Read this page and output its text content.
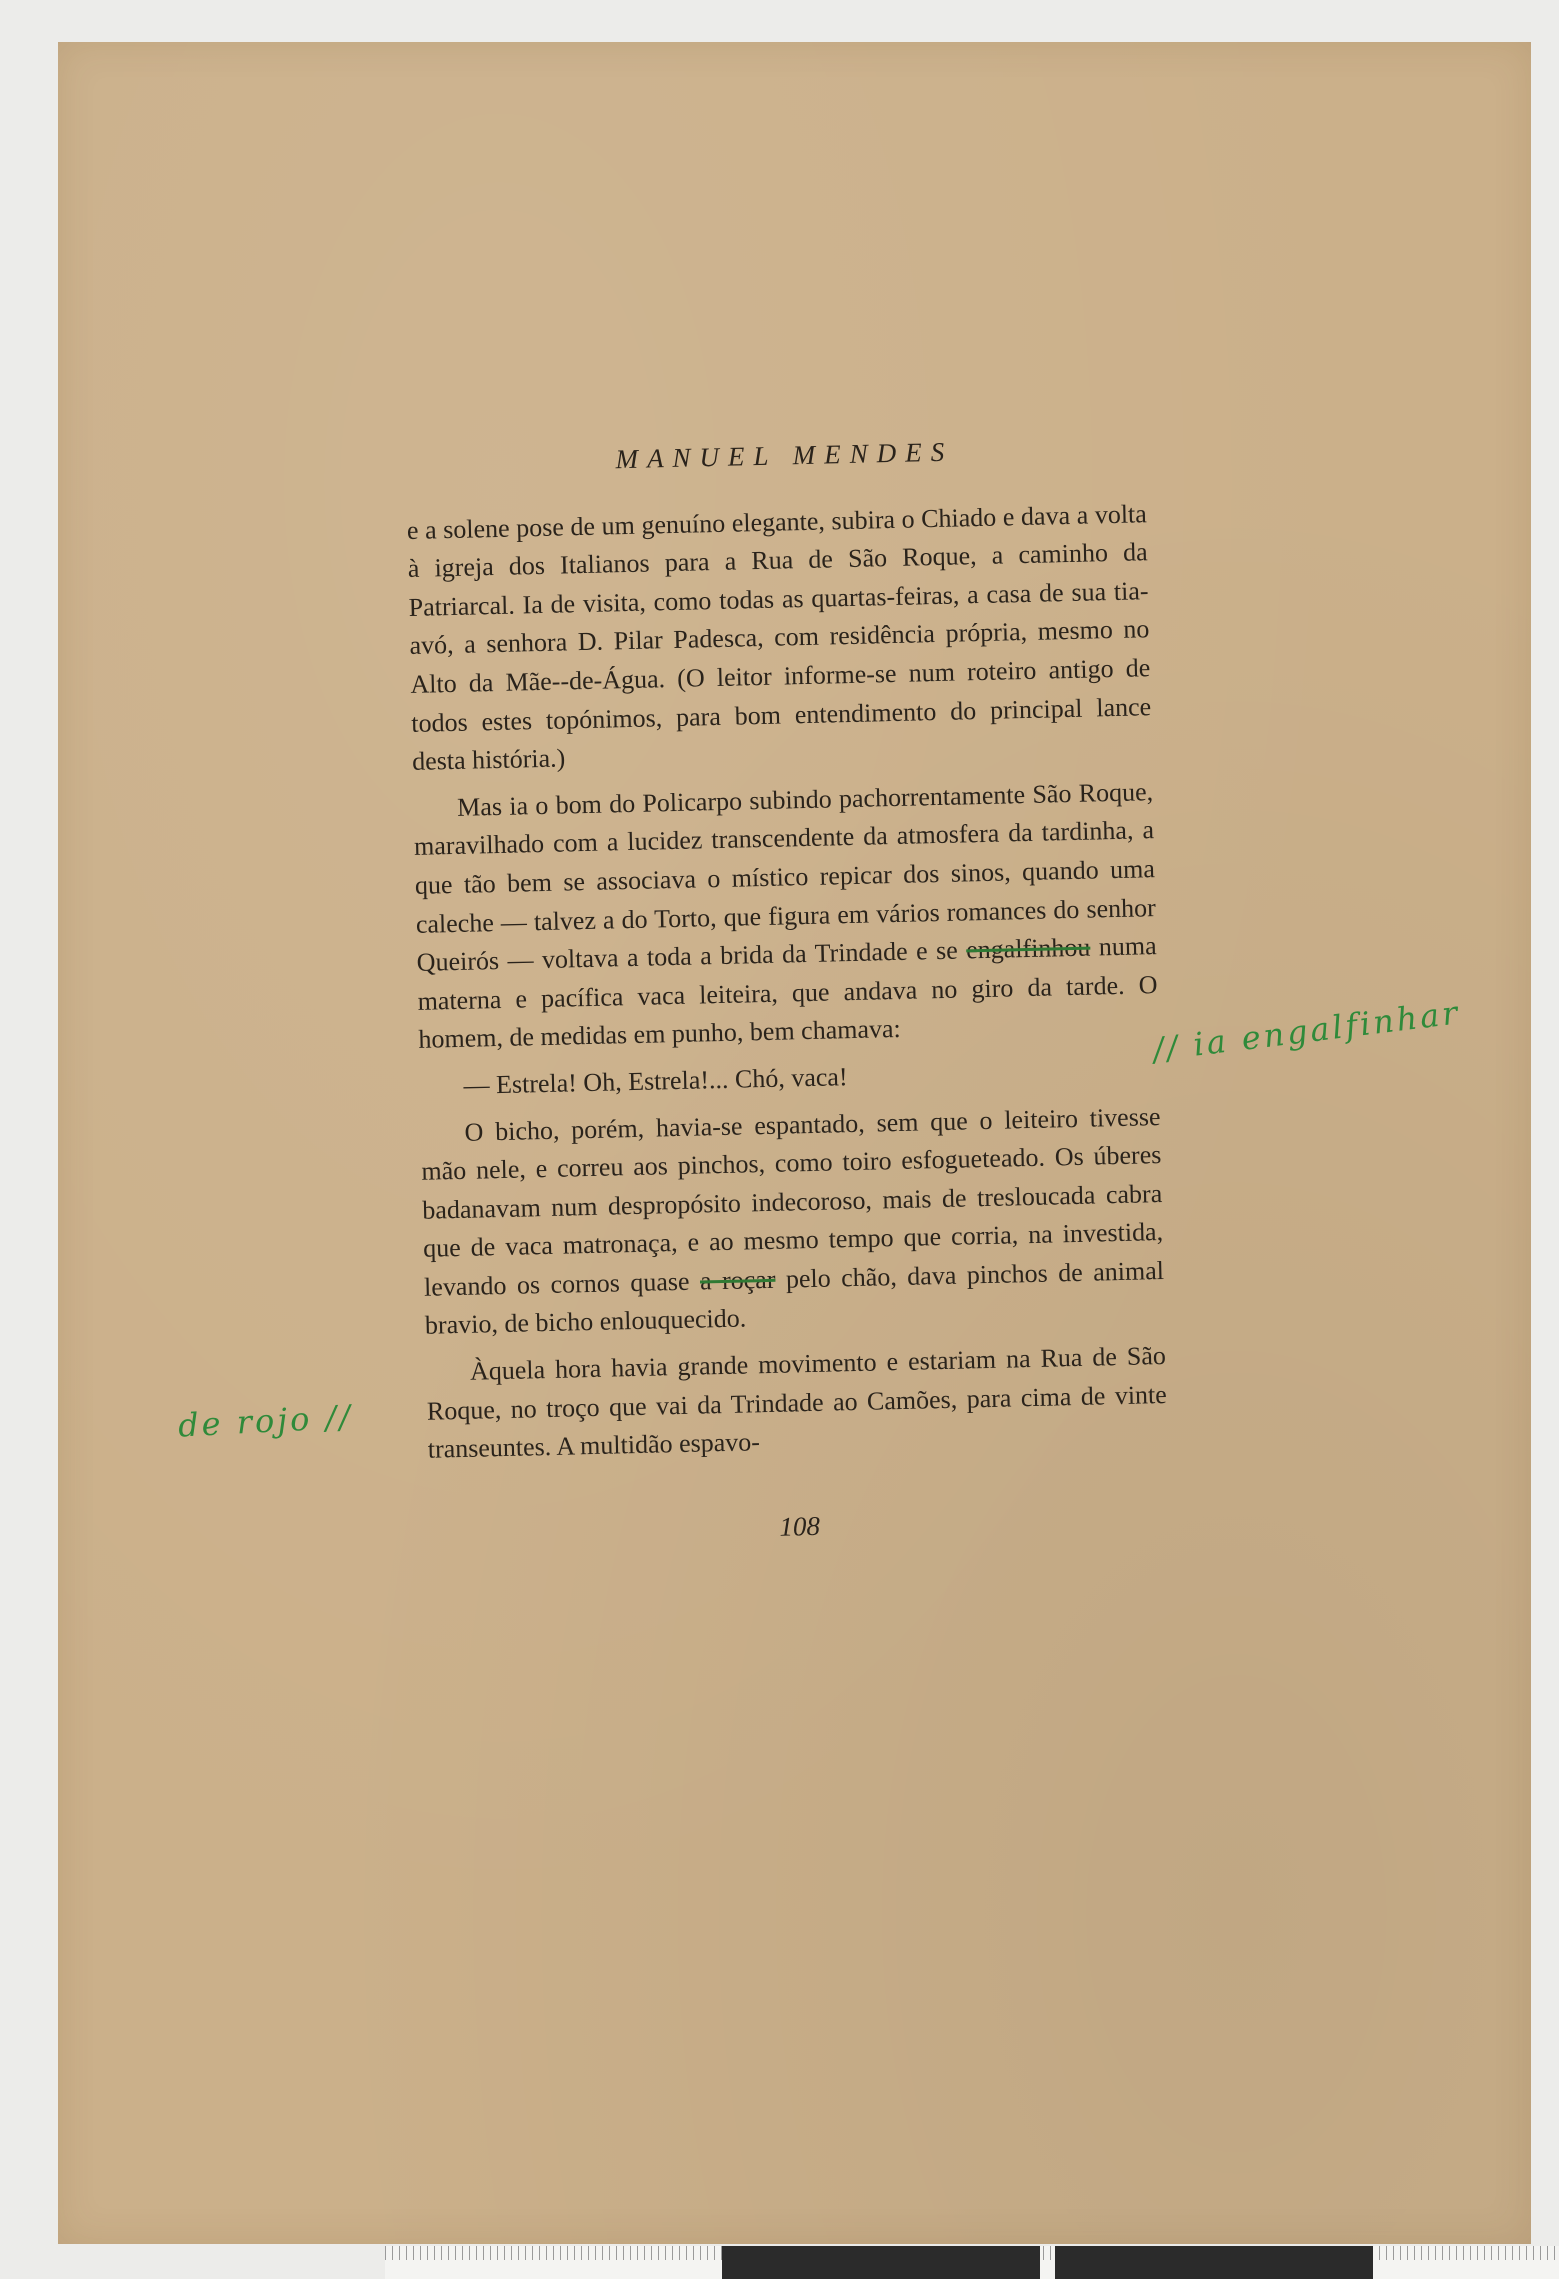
MANUEL MENDES

e a solene pose de um genuíno elegante, subira o Chiado e dava a volta à igreja dos Italianos para a Rua de São Roque, a caminho da Patriarcal. Ia de visita, como todas as quartas-feiras, a casa de sua tia-avó, a senhora D. Pilar Padesca, com residência própria, mesmo no Alto da Mãe--de-Água. (O leitor informe-se num roteiro antigo de todos estes topónimos, para bom entendimento do principal lance desta história.)

Mas ia o bom do Policarpo subindo pachorrentamente São Roque, maravilhado com a lucidez transcendente da atmosfera da tardinha, a que tão bem se associava o místico repicar dos sinos, quando uma caleche — talvez a do Torto, que figura em vários romances do senhor Queirós — voltava a toda a brida da Trindade e se engalfinhou numa materna e pacífica vaca leiteira, que andava no giro da tarde. O homem, de medidas em punho, bem chamava:

— Estrela! Oh, Estrela!... Chó, vaca!

O bicho, porém, havia-se espantado, sem que o leiteiro tivesse mão nele, e correu aos pinchos, como toiro esfoguetеado. Os úberes badanavam num despropósito indecoroso, mais de tresloucada cabra que de vaca matronaça, e ao mesmo tempo que corria, na investida, levando os cornos quase a roçar pelo chão, dava pinchos de animal bravio, de bicho enlouquecido.

Àquela hora havia grande movimento e estariam na Rua de São Roque, no troço que vai da Trindade ao Camões, para cima de vinte transeuntes. A multidão espavo-

108
// ia engalfinhar
de rojo //
